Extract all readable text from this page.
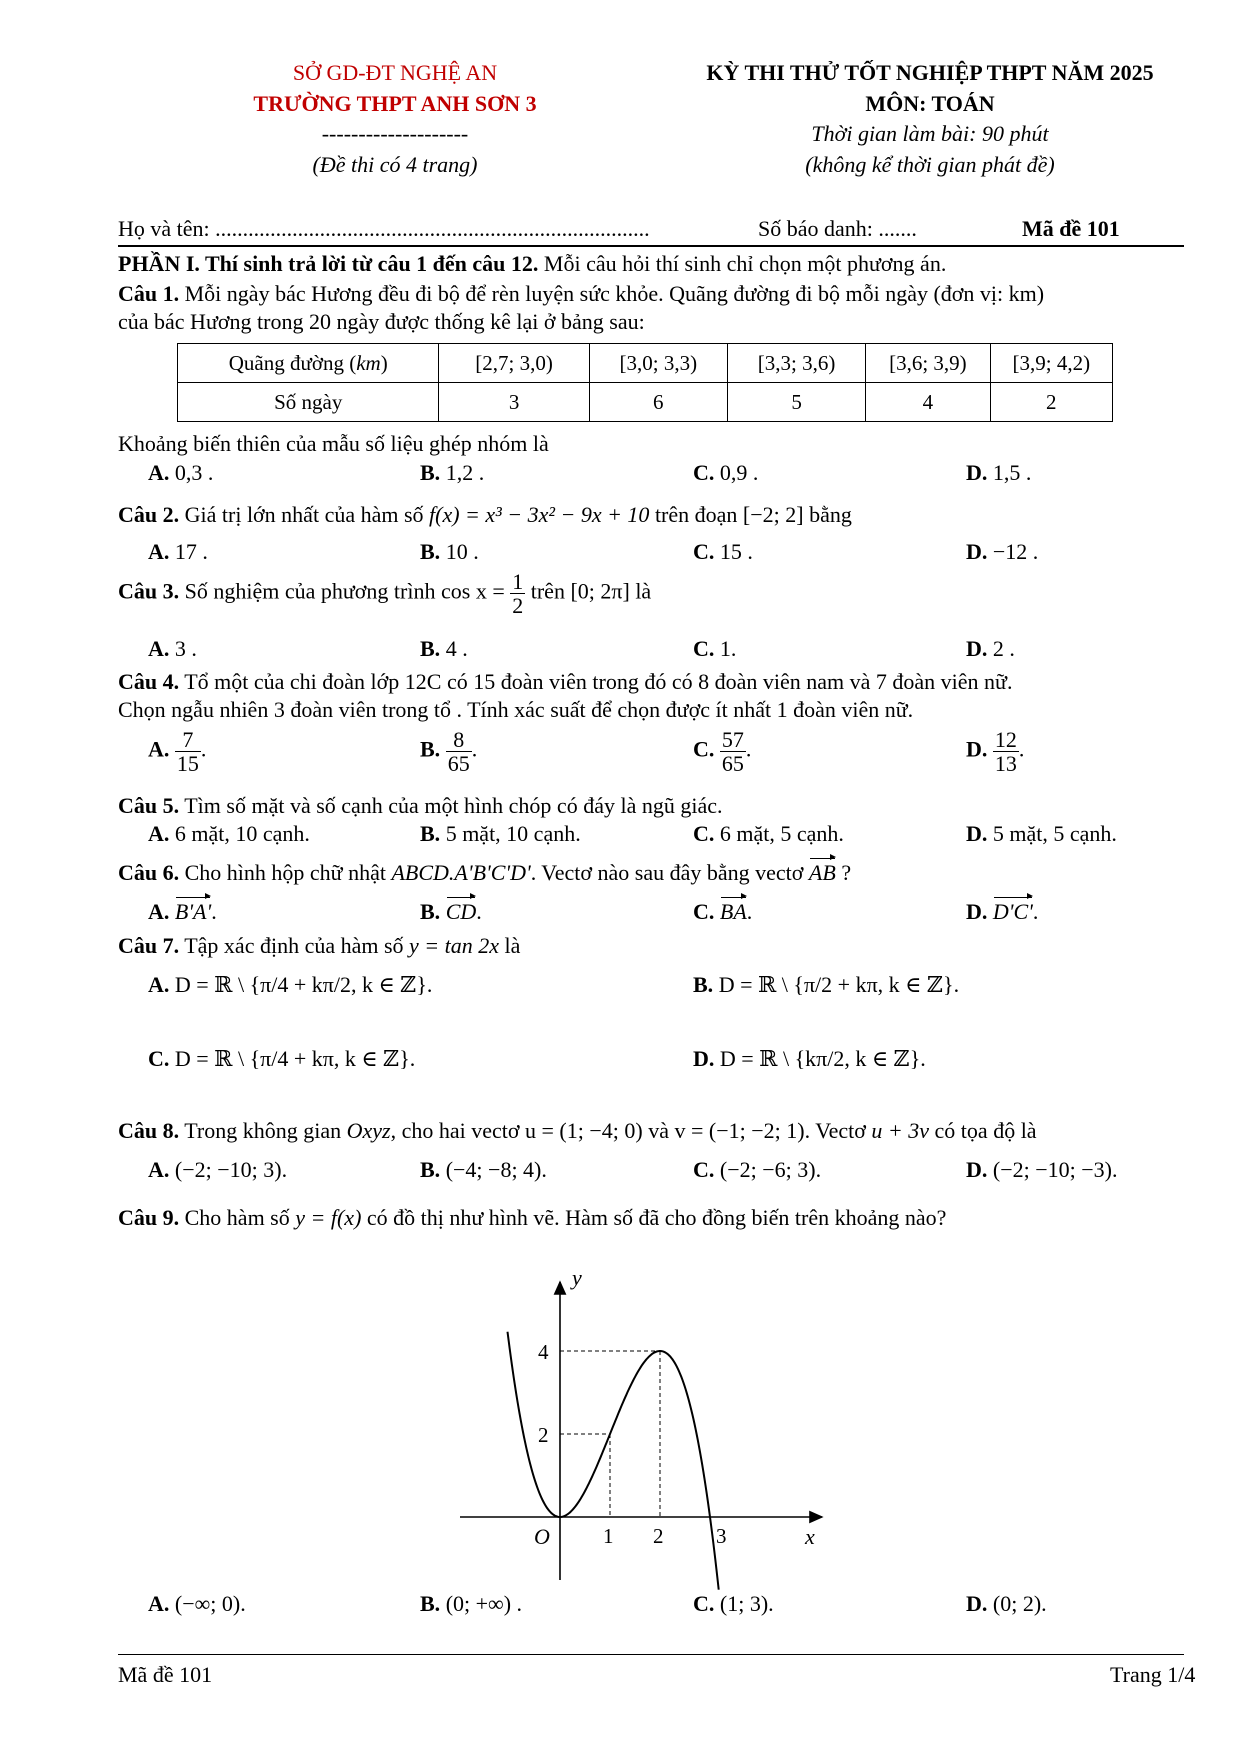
SỞ GD-ĐT NGHỆ AN
TRƯỜNG THPT ANH SƠN 3
--------------------
(Đề thi có 4 trang)
KỲ THI THỬ TỐT NGHIỆP THPT NĂM 2025
MÔN: TOÁN
Thời gian làm bài: 90 phút
(không kể thời gian phát đề)
Họ và tên: ...............................................................................	Số báo danh: .......	Mã đề 101
PHẦN I. Thí sinh trả lời từ câu 1 đến câu 12. Mỗi câu hỏi thí sinh chỉ chọn một phương án.
Câu 1. Mỗi ngày bác Hương đều đi bộ để rèn luyện sức khỏe. Quãng đường đi bộ mỗi ngày (đơn vị: km)
của bác Hương trong 20 ngày được thống kê lại ở bảng sau:
Quãng đường (km)	[2,7; 3,0)	[3,0; 3,3)	[3,3; 3,6)	[3,6; 3,9)	[3,9; 4,2)
Số ngày	3	6	5	4	2
Khoảng biến thiên của mẫu số liệu ghép nhóm là
A. 0,3 .	B. 1,2 .	C. 0,9 .	D. 1,5 .
Câu 2. Giá trị lớn nhất của hàm số f(x) = x³ − 3x² − 9x + 10 trên đoạn [−2; 2] bằng
A. 17 .	B. 10 .	C. 15 .	D. −12 .
Câu 3. Số nghiệm của phương trình $\cos x = \frac{1}{2}$ trên [0; 2π] là
A. 3 .	B. 4 .	C. 1.	D. 2 .
Câu 4. Tổ một của chi đoàn lớp 12C có 15 đoàn viên trong đó có 8 đoàn viên nam và 7 đoàn viên nữ.
Chọn ngẫu nhiên 3 đoàn viên trong tổ . Tính xác suất để chọn được ít nhất 1 đoàn viên nữ.
A. $\frac{7}{15}$ .	B. $\frac{8}{65}$ .	C. $\frac{57}{65}$ .	D. $\frac{12}{13}$ .
Câu 5. Tìm số mặt và số cạnh của một hình chóp có đáy là ngũ giác.
A. 6 mặt, 10 cạnh.	B. 5 mặt, 10 cạnh.	C. 6 mặt, 5 cạnh.	D. 5 mặt, 5 cạnh.
Câu 6. Cho hình hộp chữ nhật ABCD.A'B'C'D'. Vectơ nào sau đây bằng vectơ AB ?
A. B'A'.	B. CD.	C. BA.	D. D'C'.
Câu 7. Tập xác định của hàm số y = tan 2x là
A. D = ℝ \ {π/4 + kπ/2, k ∈ ℤ}.	B. D = ℝ \ {π/2 + kπ, k ∈ ℤ}.
C. D = ℝ \ {π/4 + kπ, k ∈ ℤ}.	D. D = ℝ \ {kπ/2, k ∈ ℤ}.
Câu 8. Trong không gian Oxyz, cho hai vectơ u = (1; −4; 0) và v = (−1; −2; 1). Vectơ u + 3v có tọa độ là
A. (−2; −10; 3).	B. (−4; −8; 4).	C. (−2; −6; 3).	D. (−2; −10; −3).
Câu 9. Cho hàm số y = f(x) có đồ thị như hình vẽ. Hàm số đã cho đồng biến trên khoảng nào?
y
x
O	1 2	3
2
4
A. (−∞; 0).	B. (0; +∞) .	C. (1; 3).	D. (0; 2).
Mã đề 101	Trang 1/4
